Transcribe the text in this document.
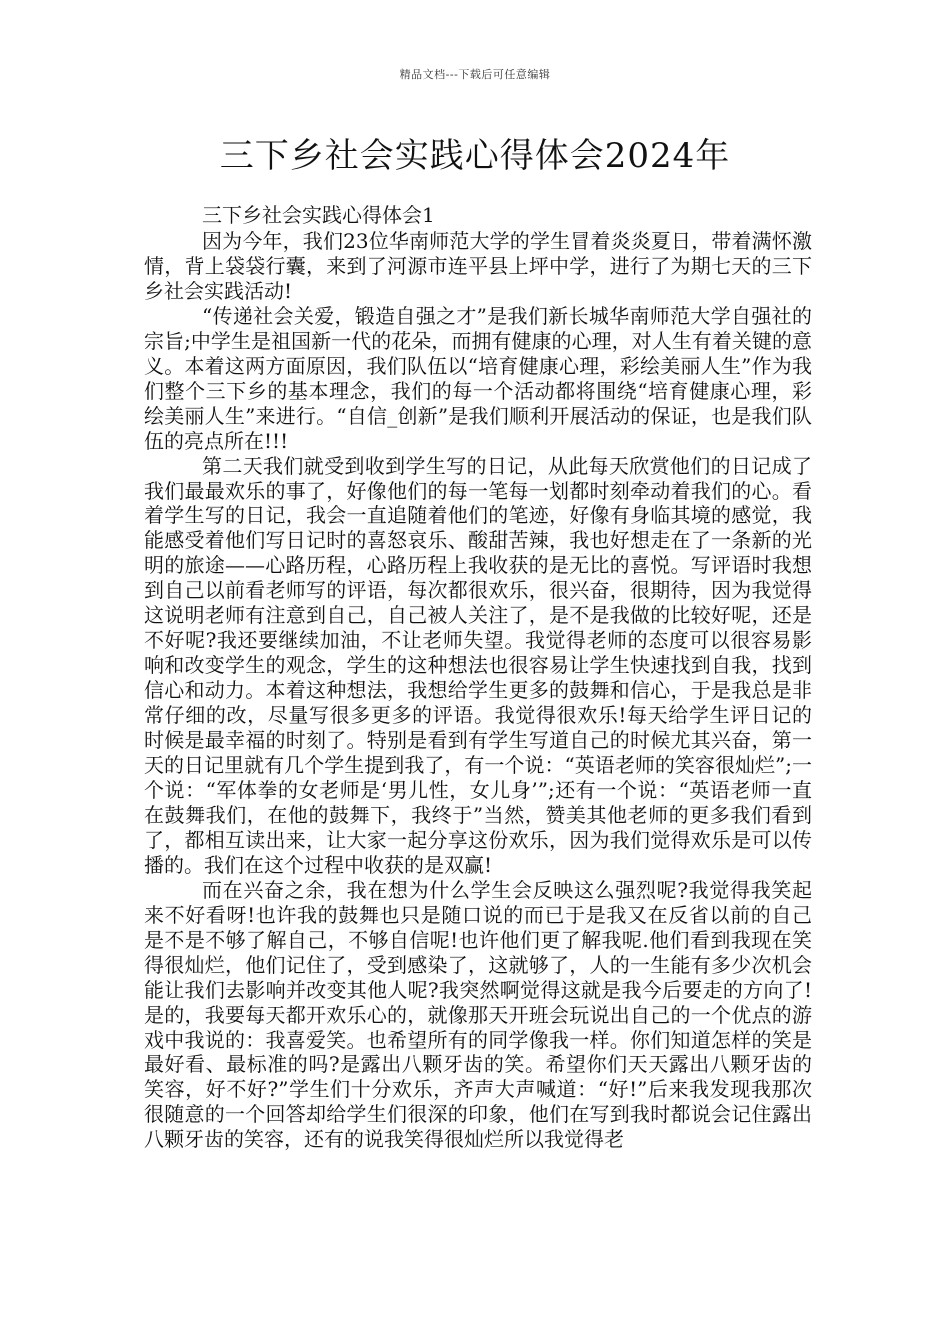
精品文档---下载后可任意编辑
三下乡社会实践心得体会2024年

三下乡社会实践心得体会1

因为今年，我们23位华南师范大学的学生冒着炎炎夏日，带着满怀激情，背上袋袋行囊，来到了河源市连平县上坪中学，进行了为期七天的三下乡社会实践活动!

“传递社会关爱，锻造自强之才”是我们新长城华南师范大学自强社的宗旨;中学生是祖国新一代的花朵，而拥有健康的心理，对人生有着关键的意义。本着这两方面原因，我们队伍以“培育健康心理，彩绘美丽人生”作为我们整个三下乡的基本理念，我们的每一个活动都将围绕“培育健康心理，彩绘美丽人生”来进行。“自信_创新”是我们顺利开展活动的保证，也是我们队伍的亮点所在!!!

第二天我们就受到收到学生写的日记，从此每天欣赏他们的日记成了我们最最欢乐的事了，好像他们的每一笔每一划都时刻牵动着我们的心。看着学生写的日记，我会一直追随着他们的笔迹，好像有身临其境的感觉，我能感受着他们写日记时的喜怒哀乐、酸甜苦辣，我也好想走在了一条新的光明的旅途——心路历程，心路历程上我收获的是无比的喜悦。写评语时我想到自己以前看老师写的评语，每次都很欢乐，很兴奋，很期待，因为我觉得这说明老师有注意到自己，自己被人关注了，是不是我做的比较好呢，还是不好呢?我还要继续加油，不让老师失望。我觉得老师的态度可以很容易影响和改变学生的观念，学生的这种想法也很容易让学生快速找到自我，找到信心和动力。本着这种想法，我想给学生更多的鼓舞和信心，于是我总是非常仔细的改，尽量写很多更多的评语。我觉得很欢乐!每天给学生评日记的时候是最幸福的时刻了。特别是看到有学生写道自己的时候尤其兴奋，第一天的日记里就有几个学生提到我了，有一个说：“英语老师的笑容很灿烂”;一个说：“军体拳的女老师是‘男儿性，女儿身’”;还有一个说：“英语老师一直在鼓舞我们，在他的鼓舞下，我终于”当然，赞美其他老师的更多我们看到了，都相互读出来，让大家一起分享这份欢乐，因为我们觉得欢乐是可以传播的。我们在这个过程中收获的是双赢!

而在兴奋之余，我在想为什么学生会反映这么强烈呢?我觉得我笑起来不好看呀!也许我的鼓舞也只是随口说的而已于是我又在反省以前的自己是不是不够了解自己，不够自信呢!也许他们更了解我呢.他们看到我现在笑得很灿烂，他们记住了，受到感染了，这就够了，人的一生能有多少次机会能让我们去影响并改变其他人呢?我突然啊觉得这就是我今后要走的方向了!是的，我要每天都开欢乐心的，就像那天开班会玩说出自己的一个优点的游戏中我说的：我喜爱笑。也希望所有的同学像我一样。你们知道怎样的笑是最好看、最标准的吗?是露出八颗牙齿的笑。希望你们天天露出八颗牙齿的笑容，好不好?”学生们十分欢乐，齐声大声喊道：“好!”后来我发现我那次很随意的一个回答却给学生们很深的印象，他们在写到我时都说会记住露出八颗牙齿的笑容，还有的说我笑得很灿烂所以我觉得老
